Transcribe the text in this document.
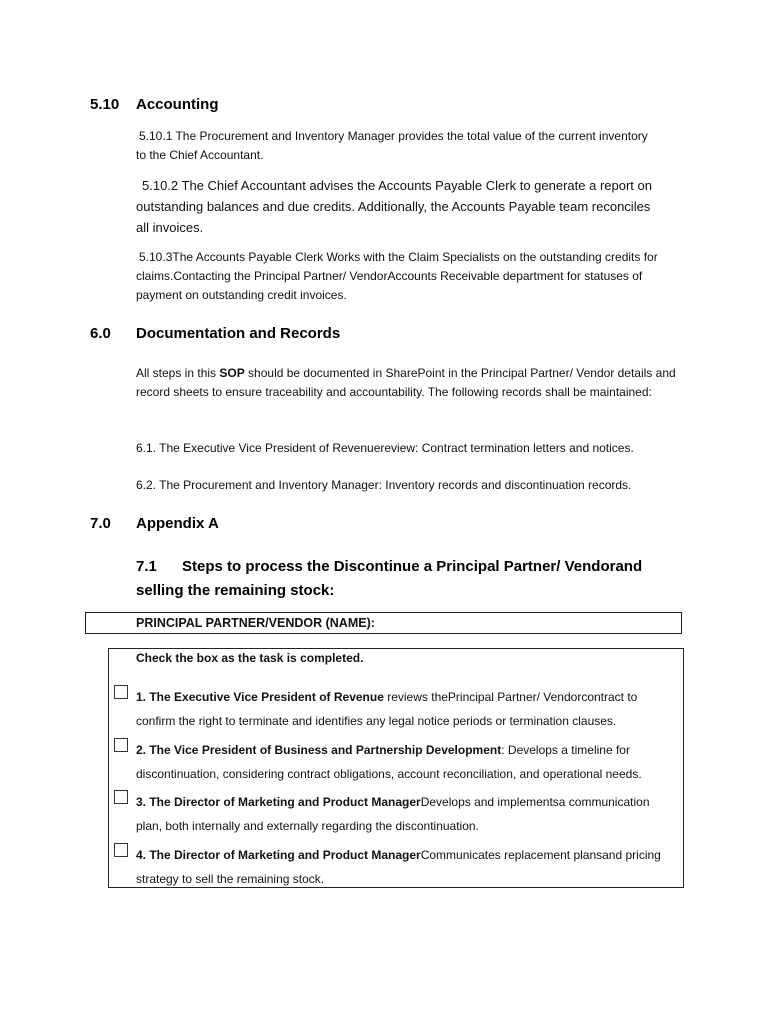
5.10 Accounting
5.10.1 The Procurement and Inventory Manager provides the total value of the current inventory to the Chief Accountant.
5.10.2 The Chief Accountant advises the Accounts Payable Clerk to generate a report on outstanding balances and due credits. Additionally, the Accounts Payable team reconciles all invoices.
5.10.3The Accounts Payable Clerk Works with the Claim Specialists on the outstanding credits for claims.Contacting the Principal Partner/ VendorAccounts Receivable department for statuses of payment on outstanding credit invoices.
6.0 Documentation and Records
All steps in this SOP should be documented in SharePoint in the Principal Partner/ Vendor details and record sheets to ensure traceability and accountability. The following records shall be maintained:
6.1. The Executive Vice President of Revenuereview: Contract termination letters and notices.
6.2. The Procurement and Inventory Manager: Inventory records and discontinuation records.
7.0 Appendix A
7.1 Steps to process the Discontinue a Principal Partner/ Vendorand selling the remaining stock:
PRINCIPAL PARTNER/VENDOR (NAME):
Check the box as the task is completed.
1. The Executive Vice President of Revenue reviews thePrincipal Partner/ Vendorcontract to confirm the right to terminate and identifies any legal notice periods or termination clauses.
2. The Vice President of Business and Partnership Development: Develops a timeline for discontinuation, considering contract obligations, account reconciliation, and operational needs.
3. The Director of Marketing and Product ManagerDevelops and implementsa communication plan, both internally and externally regarding the discontinuation.
4. The Director of Marketing and Product ManagerCommunicates replacement plansand pricing strategy to sell the remaining stock.
